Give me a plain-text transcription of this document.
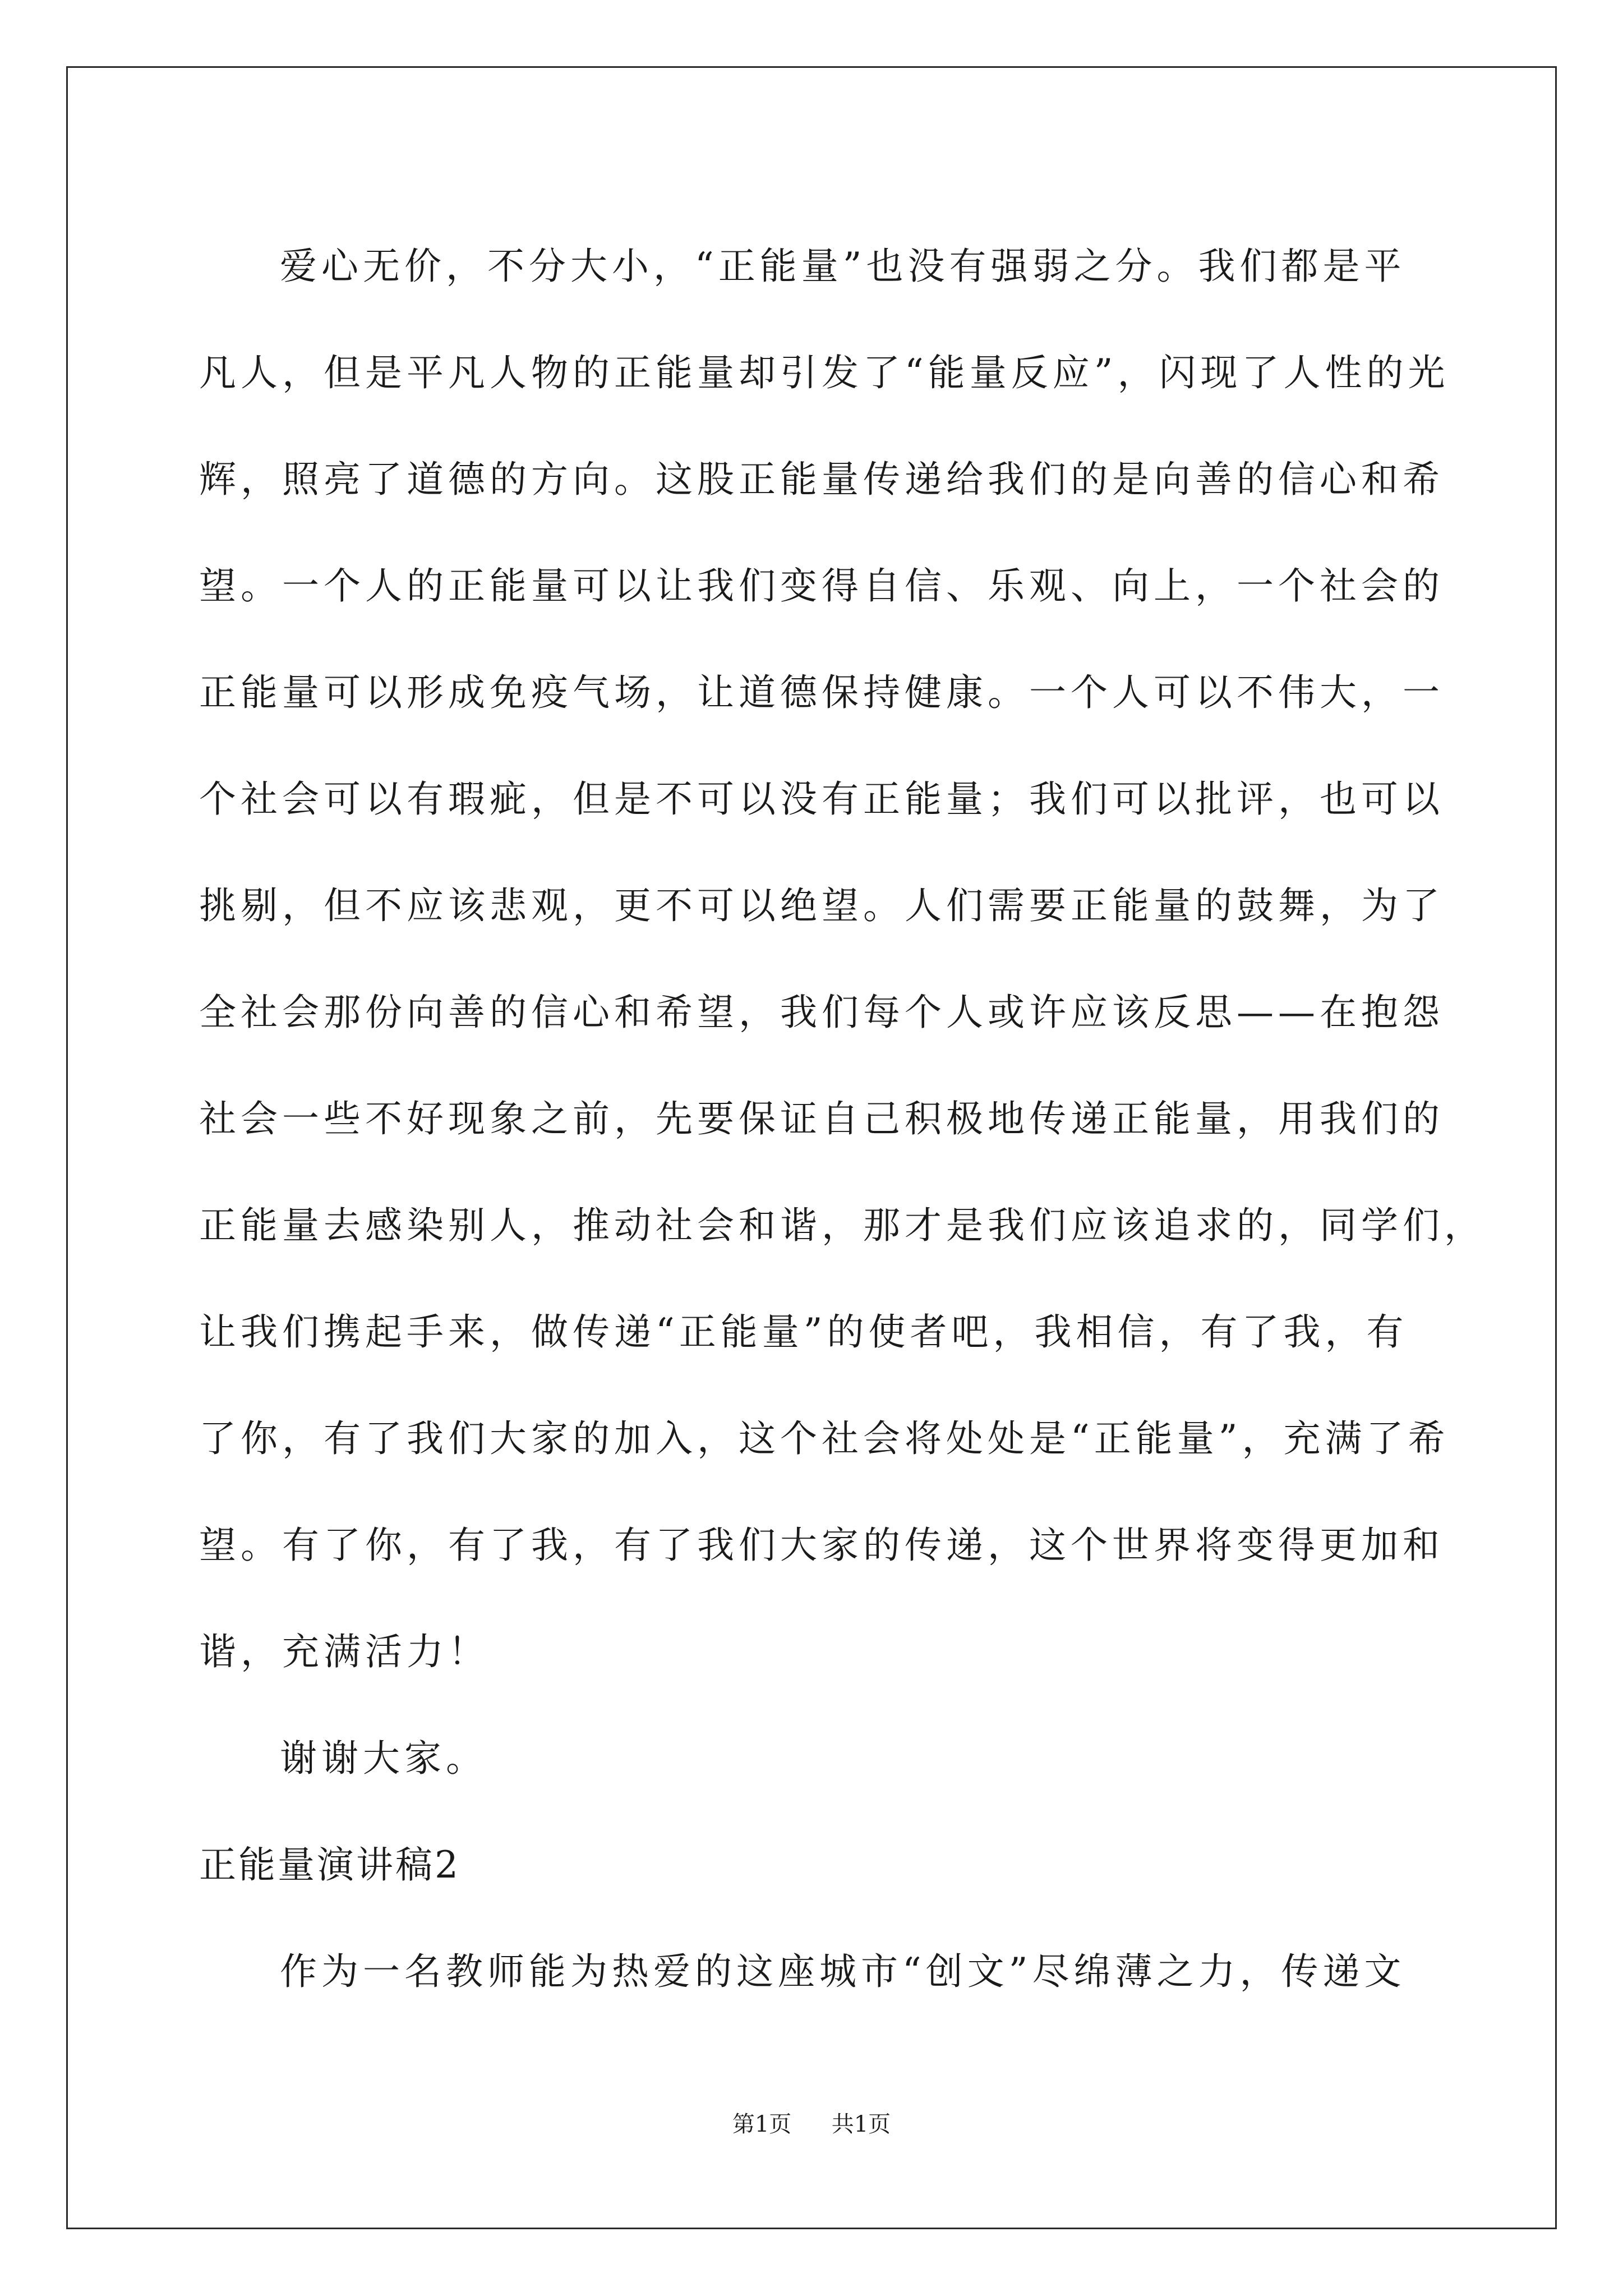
爱心无价，不分大小，“正能量”也没有强弱之分。我们都是平
凡人，但是平凡人物的正能量却引发了“能量反应”，闪现了人性的光
辉，照亮了道德的方向。这股正能量传递给我们的是向善的信心和希
望。一个人的正能量可以让我们变得自信、乐观、向上，一个社会的
正能量可以形成免疫气场，让道德保持健康。一个人可以不伟大，一
个社会可以有瑕疵，但是不可以没有正能量；我们可以批评，也可以
挑剔，但不应该悲观，更不可以绝望。人们需要正能量的鼓舞，为了
全社会那份向善的信心和希望，我们每个人或许应该反思——在抱怨
社会一些不好现象之前，先要保证自己积极地传递正能量，用我们的
正能量去感染别人，推动社会和谐，那才是我们应该追求的，同学们，
让我们携起手来，做传递“正能量”的使者吧，我相信，有了我，有
了你，有了我们大家的加入，这个社会将处处是“正能量”，充满了希
望。有了你，有了我，有了我们大家的传递，这个世界将变得更加和
谐，充满活力！
谢谢大家。
正能量演讲稿2
作为一名教师能为热爱的这座城市“创文”尽绵薄之力，传递文
第1页 共1页
